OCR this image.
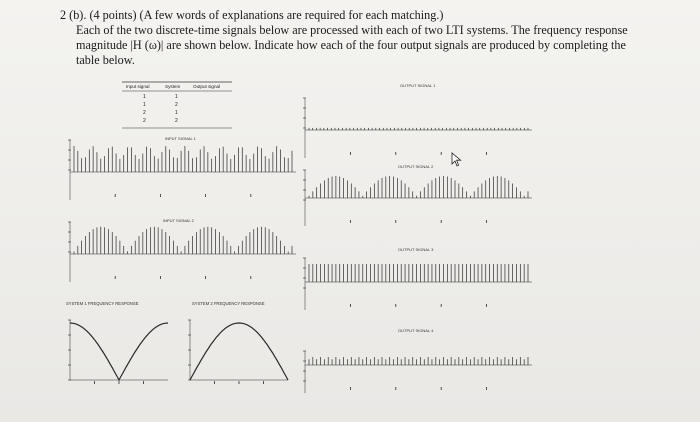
2 (b). (4 points) (A few words of explanations are required for each matching.)
Each of the two discrete-time signals below are processed with each of two LTI systems. The frequency response
magnitude |H (ω)| are shown below. Indicate how each of the four output signals are produced by completing the
table below.
Input signal	System	Output signal
1	1
1	2
2	1
2	2
INPUT SIGNAL 1
INPUT SIGNAL 2
SYSTEM 1 FREQUENCY RESPONSE	SYSTEM 2 FREQUENCY RESPONSE
OUTPUT SIGNAL 1
OUTPUT SIGNAL 2
OUTPUT SIGNAL 3
OUTPUT SIGNAL 4
